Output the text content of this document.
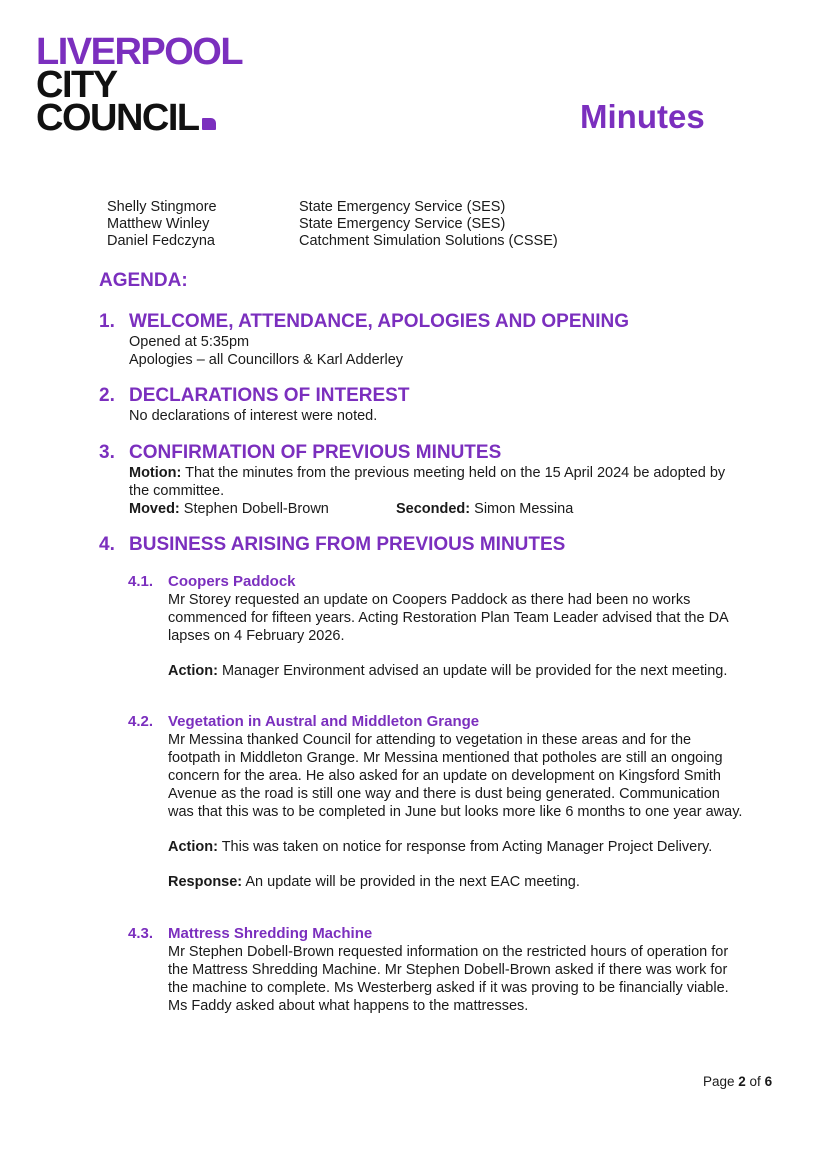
LIVERPOOL
CITY
COUNCIL	Minutes
Shelly Stingmore	State Emergency Service (SES)
Matthew Winley	State Emergency Service (SES)
Daniel Fedczyna	Catchment Simulation Solutions (CSSE)
AGENDA:
1. WELCOME, ATTENDANCE, APOLOGIES AND OPENING
Opened at 5:35pm
Apologies – all Councillors & Karl Adderley
2. DECLARATIONS OF INTEREST
No declarations of interest were noted.
3. CONFIRMATION OF PREVIOUS MINUTES
Motion: That the minutes from the previous meeting held on the 15 April 2024 be adopted by the committee.
Moved: Stephen Dobell-Brown	Seconded: Simon Messina
4. BUSINESS ARISING FROM PREVIOUS MINUTES
4.1. Coopers Paddock
Mr Storey requested an update on Coopers Paddock as there had been no works commenced for fifteen years. Acting Restoration Plan Team Leader advised that the DA lapses on 4 February 2026.
Action: Manager Environment advised an update will be provided for the next meeting.
4.2. Vegetation in Austral and Middleton Grange
Mr Messina thanked Council for attending to vegetation in these areas and for the footpath in Middleton Grange. Mr Messina mentioned that potholes are still an ongoing concern for the area. He also asked for an update on development on Kingsford Smith Avenue as the road is still one way and there is dust being generated. Communication was that this was to be completed in June but looks more like 6 months to one year away.
Action: This was taken on notice for response from Acting Manager Project Delivery.
Response: An update will be provided in the next EAC meeting.
4.3. Mattress Shredding Machine
Mr Stephen Dobell-Brown requested information on the restricted hours of operation for the Mattress Shredding Machine. Mr Stephen Dobell-Brown asked if there was work for the machine to complete. Ms Westerberg asked if it was proving to be financially viable. Ms Faddy asked about what happens to the mattresses.
Page 2 of 6
